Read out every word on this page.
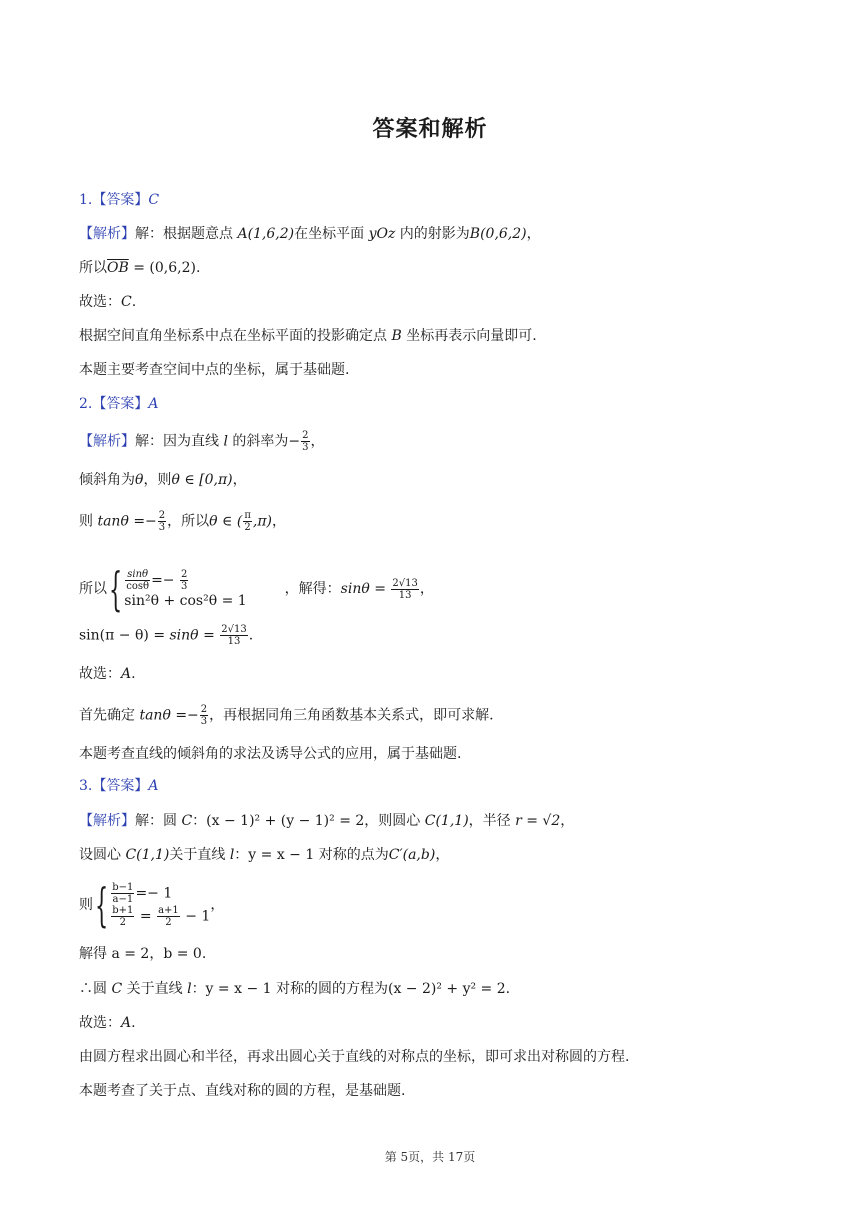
答案和解析
1.【答案】C
【解析】解：根据题意点 A(1,6,2)在坐标平面 yOz 内的射影为B(0,6,2)，
所以$\overline{OB} = (0,6,2)$.
故选：C.
根据空间直角坐标系中点在坐标平面的投影确定点 B 坐标再表示向量即可.
本题主要考查空间中点的坐标，属于基础题.
2.【答案】A
【解析】解：因为直线 l 的斜率为− $\frac{2}{3}$ ，
倾斜角为θ，则θ ∈ [0,π)，
则 $\tan\theta =- \frac{2}{3}$ ，所以θ ∈ ( $\frac{\pi}{2} ,\pi$)，
所以 { $\frac{\sin\theta}{\cos\theta} =- \frac{2}{3}$
sin²θ + cos²θ = 1
，解得：$\sin\theta = \frac{2√13}{13}$ ，
$\sin(\pi - \theta) = \sin\theta = \frac{2√13}{13}$ .
故选：A.
首先确定 $\tan\theta =- \frac{2}{3}$ ，再根据同角三角函数基本关系式，即可求解.
本题考查直线的倾斜角的求法及诱导公式的应用，属于基础题.
3.【答案】A
【解析】解：圆 C：(x − 1)² + (y − 1)² = 2，则圆心 C(1,1)，半径 r = √2，
设圆心 C(1,1)关于直线 l：y = x − 1 对称的点为C′(a,b)，
则 { $\frac{b-1}{a-1} =- 1$
$\frac{b+1}{2} = \frac{a+1}{2} - 1$
，
解得 a = 2，b = 0.
∴圆 C 关于直线 l：y = x − 1 对称的圆的方程为(x − 2)² + y² = 2.
故选：A.
由圆方程求出圆心和半径，再求出圆心关于直线的对称点的坐标，即可求出对称圆的方程.
本题考查了关于点、直线对称的圆的方程，是基础题.
第 5页，共 17页
